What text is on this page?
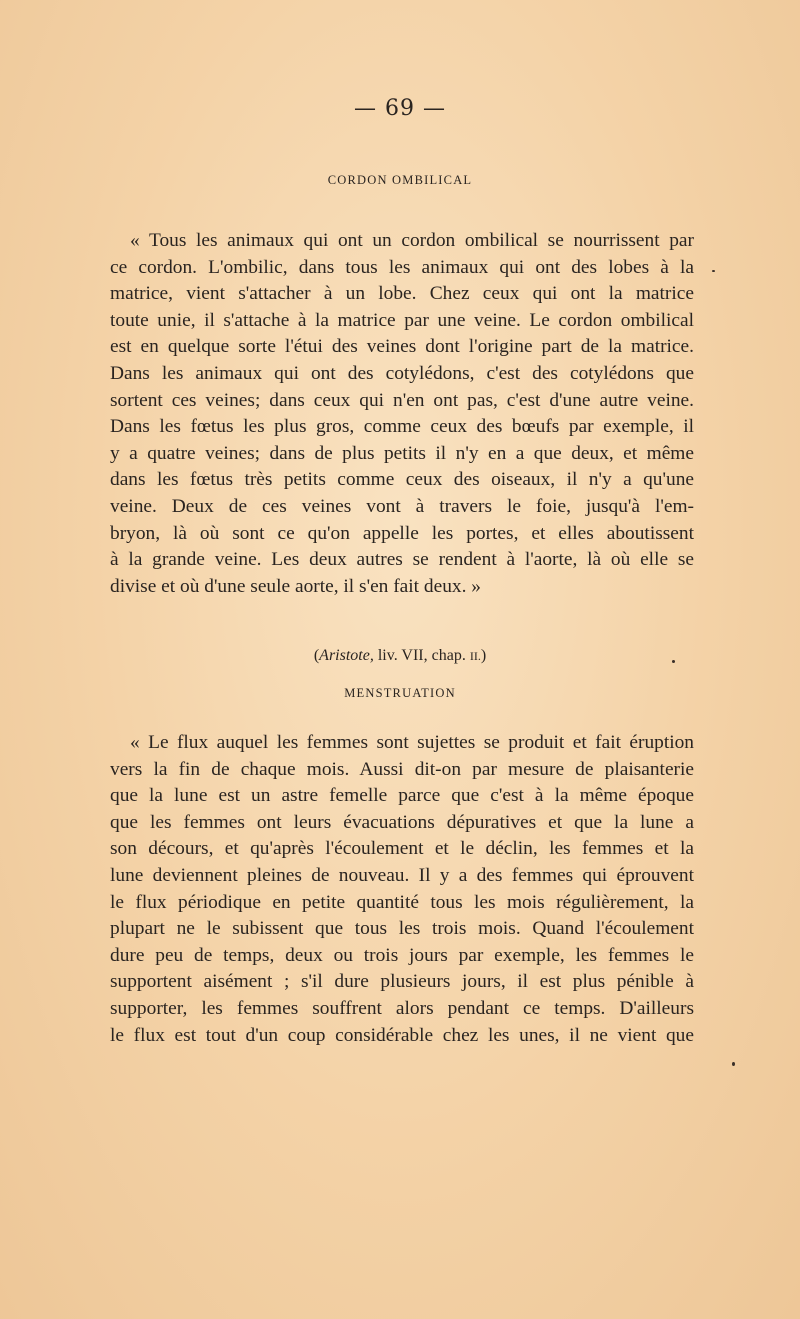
— 69 —
CORDON OMBILICAL
« Tous les animaux qui ont un cordon ombilical se nourrissent par
ce cordon. L'ombilic, dans tous les animaux qui ont des lobes à la
matrice, vient s'attacher à un lobe. Chez ceux qui ont la matrice
toute unie, il s'attache à la matrice par une veine. Le cordon ombilical
est en quelque sorte l'étui des veines dont l'origine part de la matrice.
Dans les animaux qui ont des cotylédons, c'est des cotylédons que
sortent ces veines; dans ceux qui n'en ont pas, c'est d'une autre veine.
Dans les fœtus les plus gros, comme ceux des bœufs par exemple, il
y a quatre veines; dans de plus petits il n'y en a que deux, et même
dans les fœtus très petits comme ceux des oiseaux, il n'y a qu'une
veine. Deux de ces veines vont à travers le foie, jusqu'à l'em-
bryon, là où sont ce qu'on appelle les portes, et elles aboutissent
à la grande veine. Les deux autres se rendent à l'aorte, là où elle se
divise et où d'une seule aorte, il s'en fait deux. »
(Aristote, liv. VII, chap. II.)
MENSTRUATION
« Le flux auquel les femmes sont sujettes se produit et fait éruption
vers la fin de chaque mois. Aussi dit-on par mesure de plaisanterie
que la lune est un astre femelle parce que c'est à la même époque
que les femmes ont leurs évacuations dépuratives et que la lune a
son décours, et qu'après l'écoulement et le déclin, les femmes et la
lune deviennent pleines de nouveau. Il y a des femmes qui éprouvent
le flux périodique en petite quantité tous les mois régulièrement, la
plupart ne le subissent que tous les trois mois. Quand l'écoulement
dure peu de temps, deux ou trois jours par exemple, les femmes le
supportent aisément ; s'il dure plusieurs jours, il est plus pénible à
supporter, les femmes souffrent alors pendant ce temps. D'ailleurs
le flux est tout d'un coup considérable chez les unes, il ne vient que
